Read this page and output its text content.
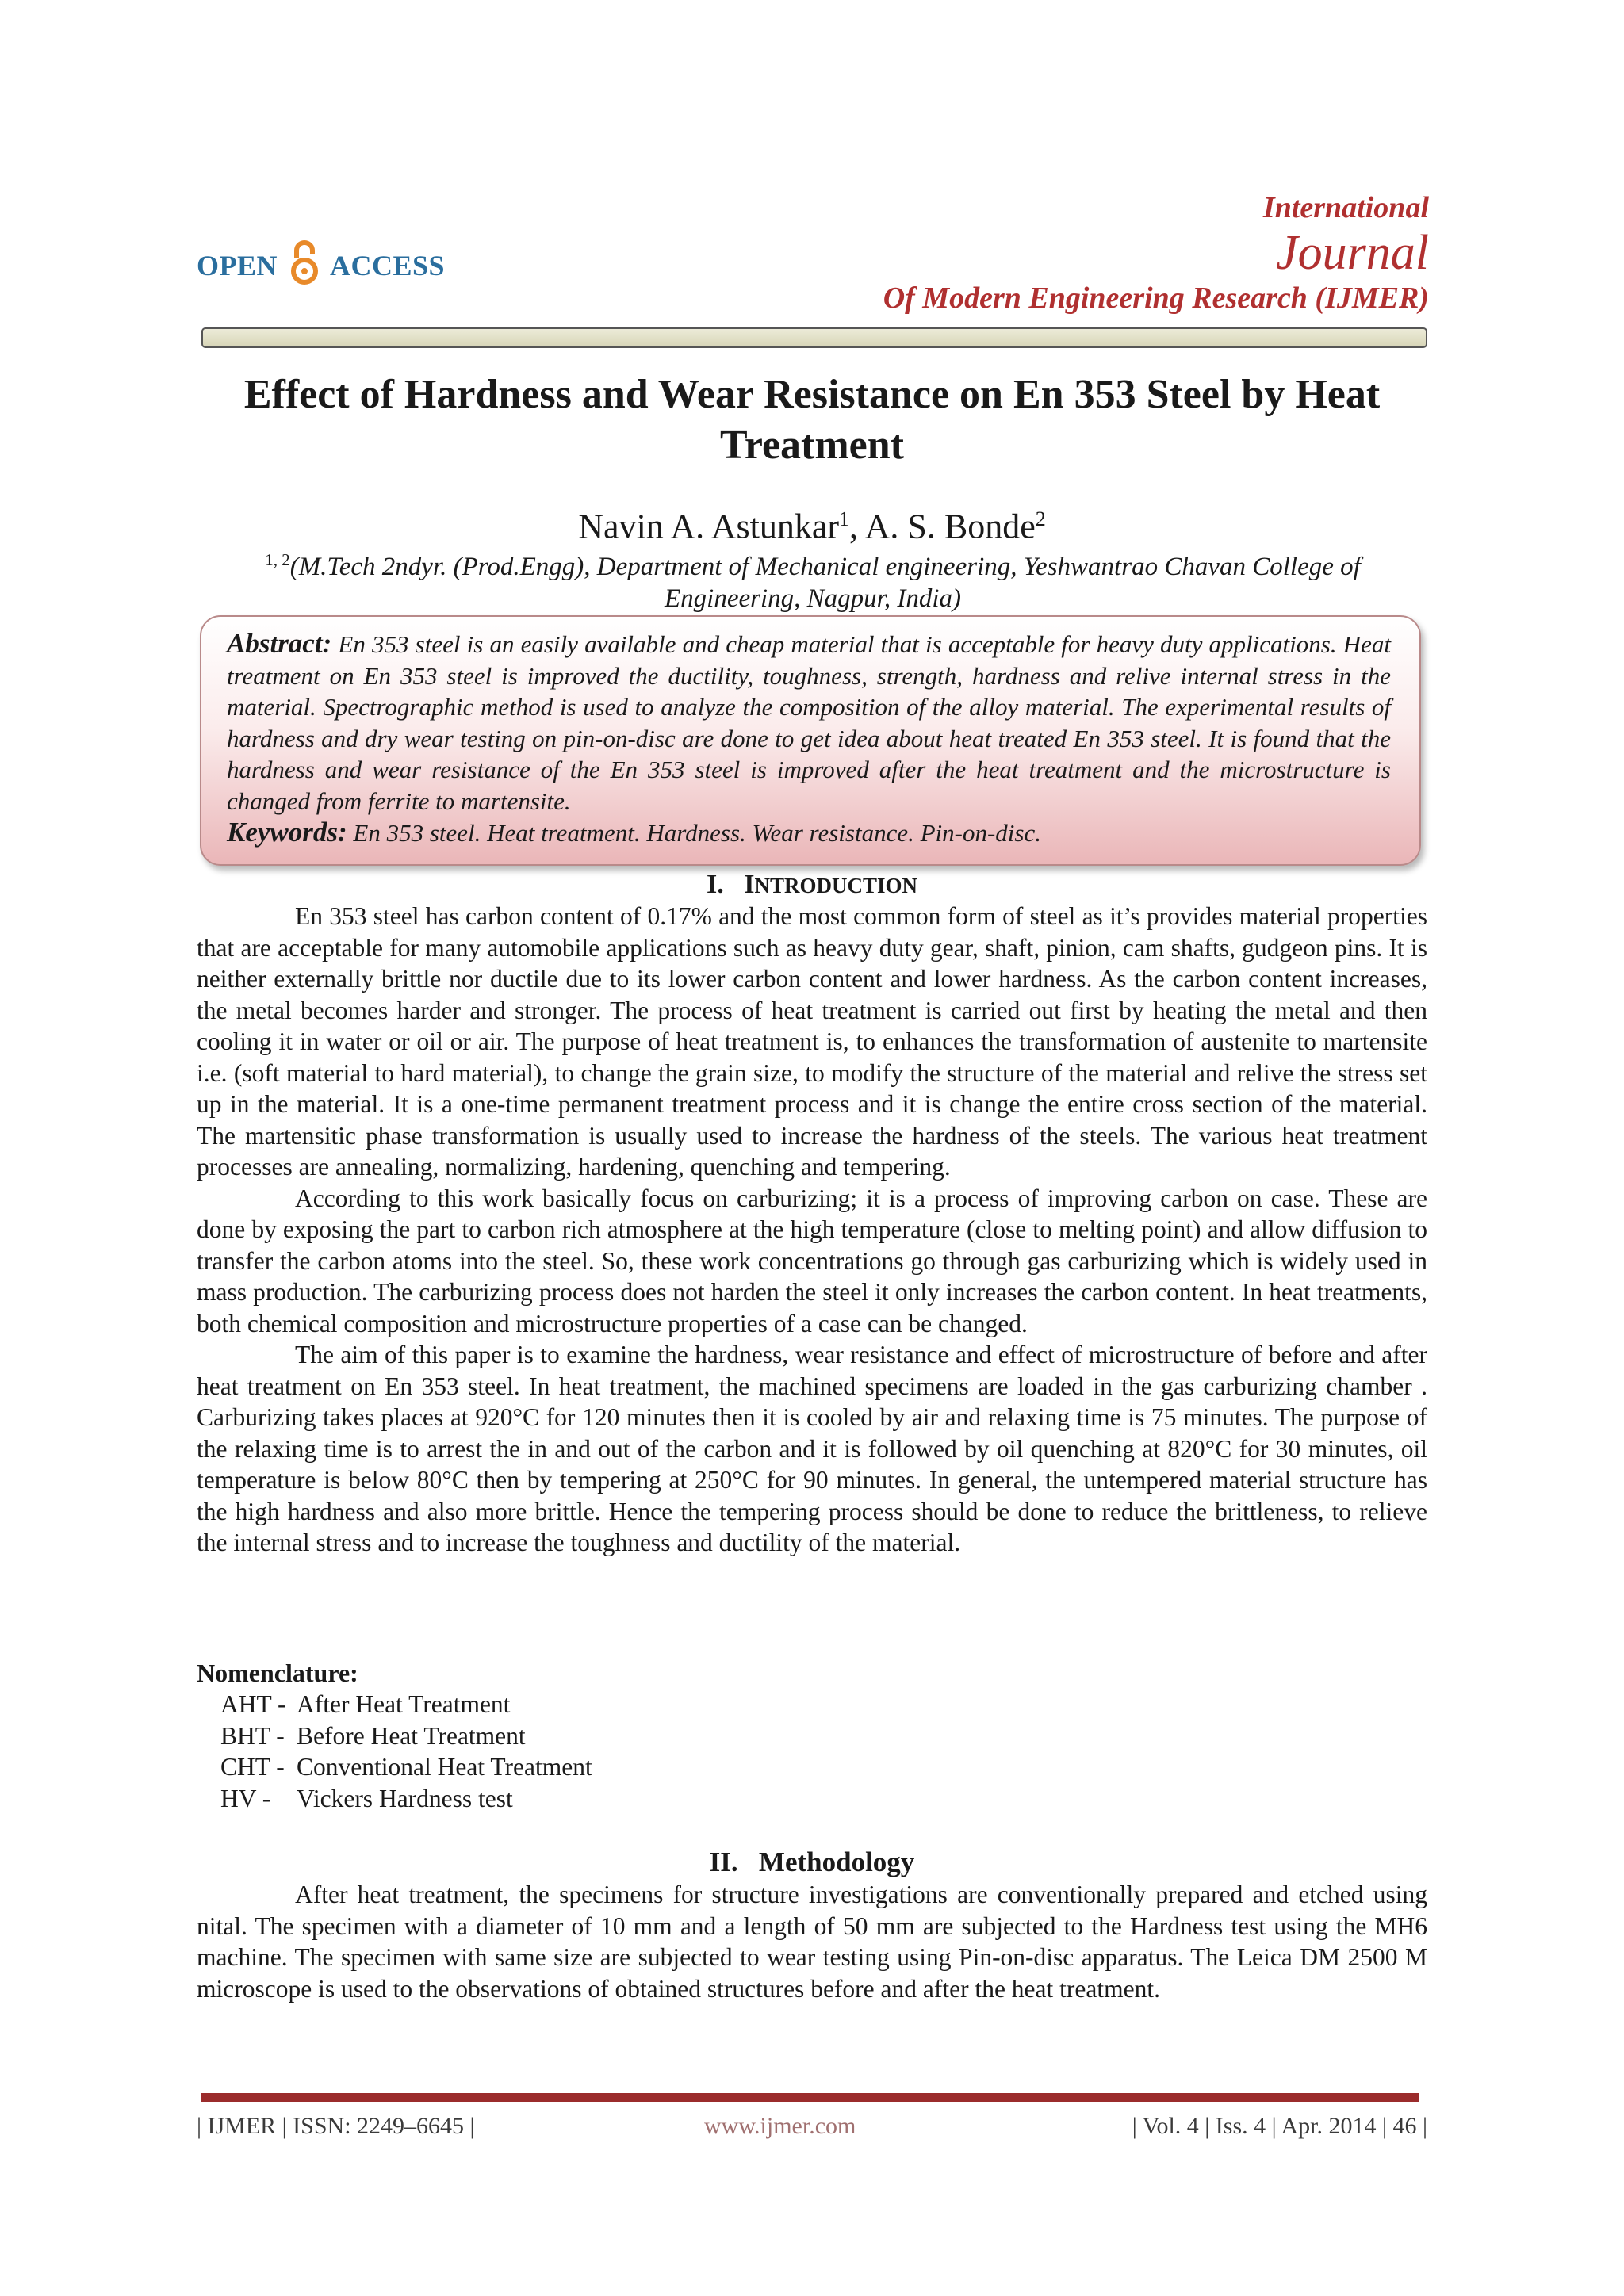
OPEN ACCESS
International
Journal
Of Modern Engineering Research (IJMER)
Effect of Hardness and Wear Resistance on En 353 Steel by Heat Treatment
Navin A. Astunkar$^1$, A. S. Bonde$^2$
$^{1, 2}$(M.Tech 2ndyr. (Prod.Engg), Department of Mechanical engineering, Yeshwantrao Chavan College of Engineering, Nagpur, India)

Abstract: En 353 steel is an easily available and cheap material that is acceptable for heavy duty applications. Heat treatment on En 353 steel is improved the ductility, toughness, strength, hardness and relive internal stress in the material. Spectrographic method is used to analyze the composition of the alloy material. The experimental results of hardness and dry wear testing on pin-on-disc are done to get idea about heat treated En 353 steel. It is found that the hardness and wear resistance of the En 353 steel is improved after the heat treatment and the microstructure is changed from ferrite to martensite.

Keywords: En 353 steel. Heat treatment. Hardness. Wear resistance. Pin-on-disc.

I. INTRODUCTION

En 353 steel has carbon content of 0.17% and the most common form of steel as it’s provides material properties that are acceptable for many automobile applications such as heavy duty gear, shaft, pinion, cam shafts, gudgeon pins. It is neither externally brittle nor ductile due to its lower carbon content and lower hardness. As the carbon content increases, the metal becomes harder and stronger. The process of heat treatment is carried out first by heating the metal and then cooling it in water or oil or air. The purpose of heat treatment is, to enhances the transformation of austenite to martensite i.e. (soft material to hard material), to change the grain size, to modify the structure of the material and relive the stress set up in the material. It is a one-time permanent treatment process and it is change the entire cross section of the material. The martensitic phase transformation is usually used to increase the hardness of the steels. The various heat treatment processes are annealing, normalizing, hardening, quenching and tempering.

According to this work basically focus on carburizing; it is a process of improving carbon on case. These are done by exposing the part to carbon rich atmosphere at the high temperature (close to melting point) and allow diffusion to transfer the carbon atoms into the steel. So, these work concentrations go through gas carburizing which is widely used in mass production. The carburizing process does not harden the steel it only increases the carbon content. In heat treatments, both chemical composition and microstructure properties of a case can be changed.

The aim of this paper is to examine the hardness, wear resistance and effect of microstructure of before and after heat treatment on En 353 steel. In heat treatment, the machined specimens are loaded in the gas carburizing chamber . Carburizing takes places at 920°C for 120 minutes then it is cooled by air and relaxing time is 75 minutes. The purpose of the relaxing time is to arrest the in and out of the carbon and it is followed by oil quenching at 820°C for 30 minutes, oil temperature is below 80°C then by tempering at 250°C for 90 minutes. In general, the untempered material structure has the high hardness and also more brittle. Hence the tempering process should be done to reduce the brittleness, to relieve the internal stress and to increase the toughness and ductility of the material.

Nomenclature:
AHT - After Heat Treatment
BHT - Before Heat Treatment
CHT - Conventional Heat Treatment
HV -	Vickers Hardness test
II. Methodology

After heat treatment, the specimens for structure investigations are conventionally prepared and etched using nital. The specimen with a diameter of 10 mm and a length of 50 mm are subjected to the Hardness test using the MH6 machine. The specimen with same size are subjected to wear testing using Pin-on-disc apparatus. The Leica DM 2500 M microscope is used to the observations of obtained structures before and after the heat treatment.

| IJMER | ISSN: 2249–6645 |	www.ijmer.com	| Vol. 4 | Iss. 4 | Apr. 2014 | 46 |
